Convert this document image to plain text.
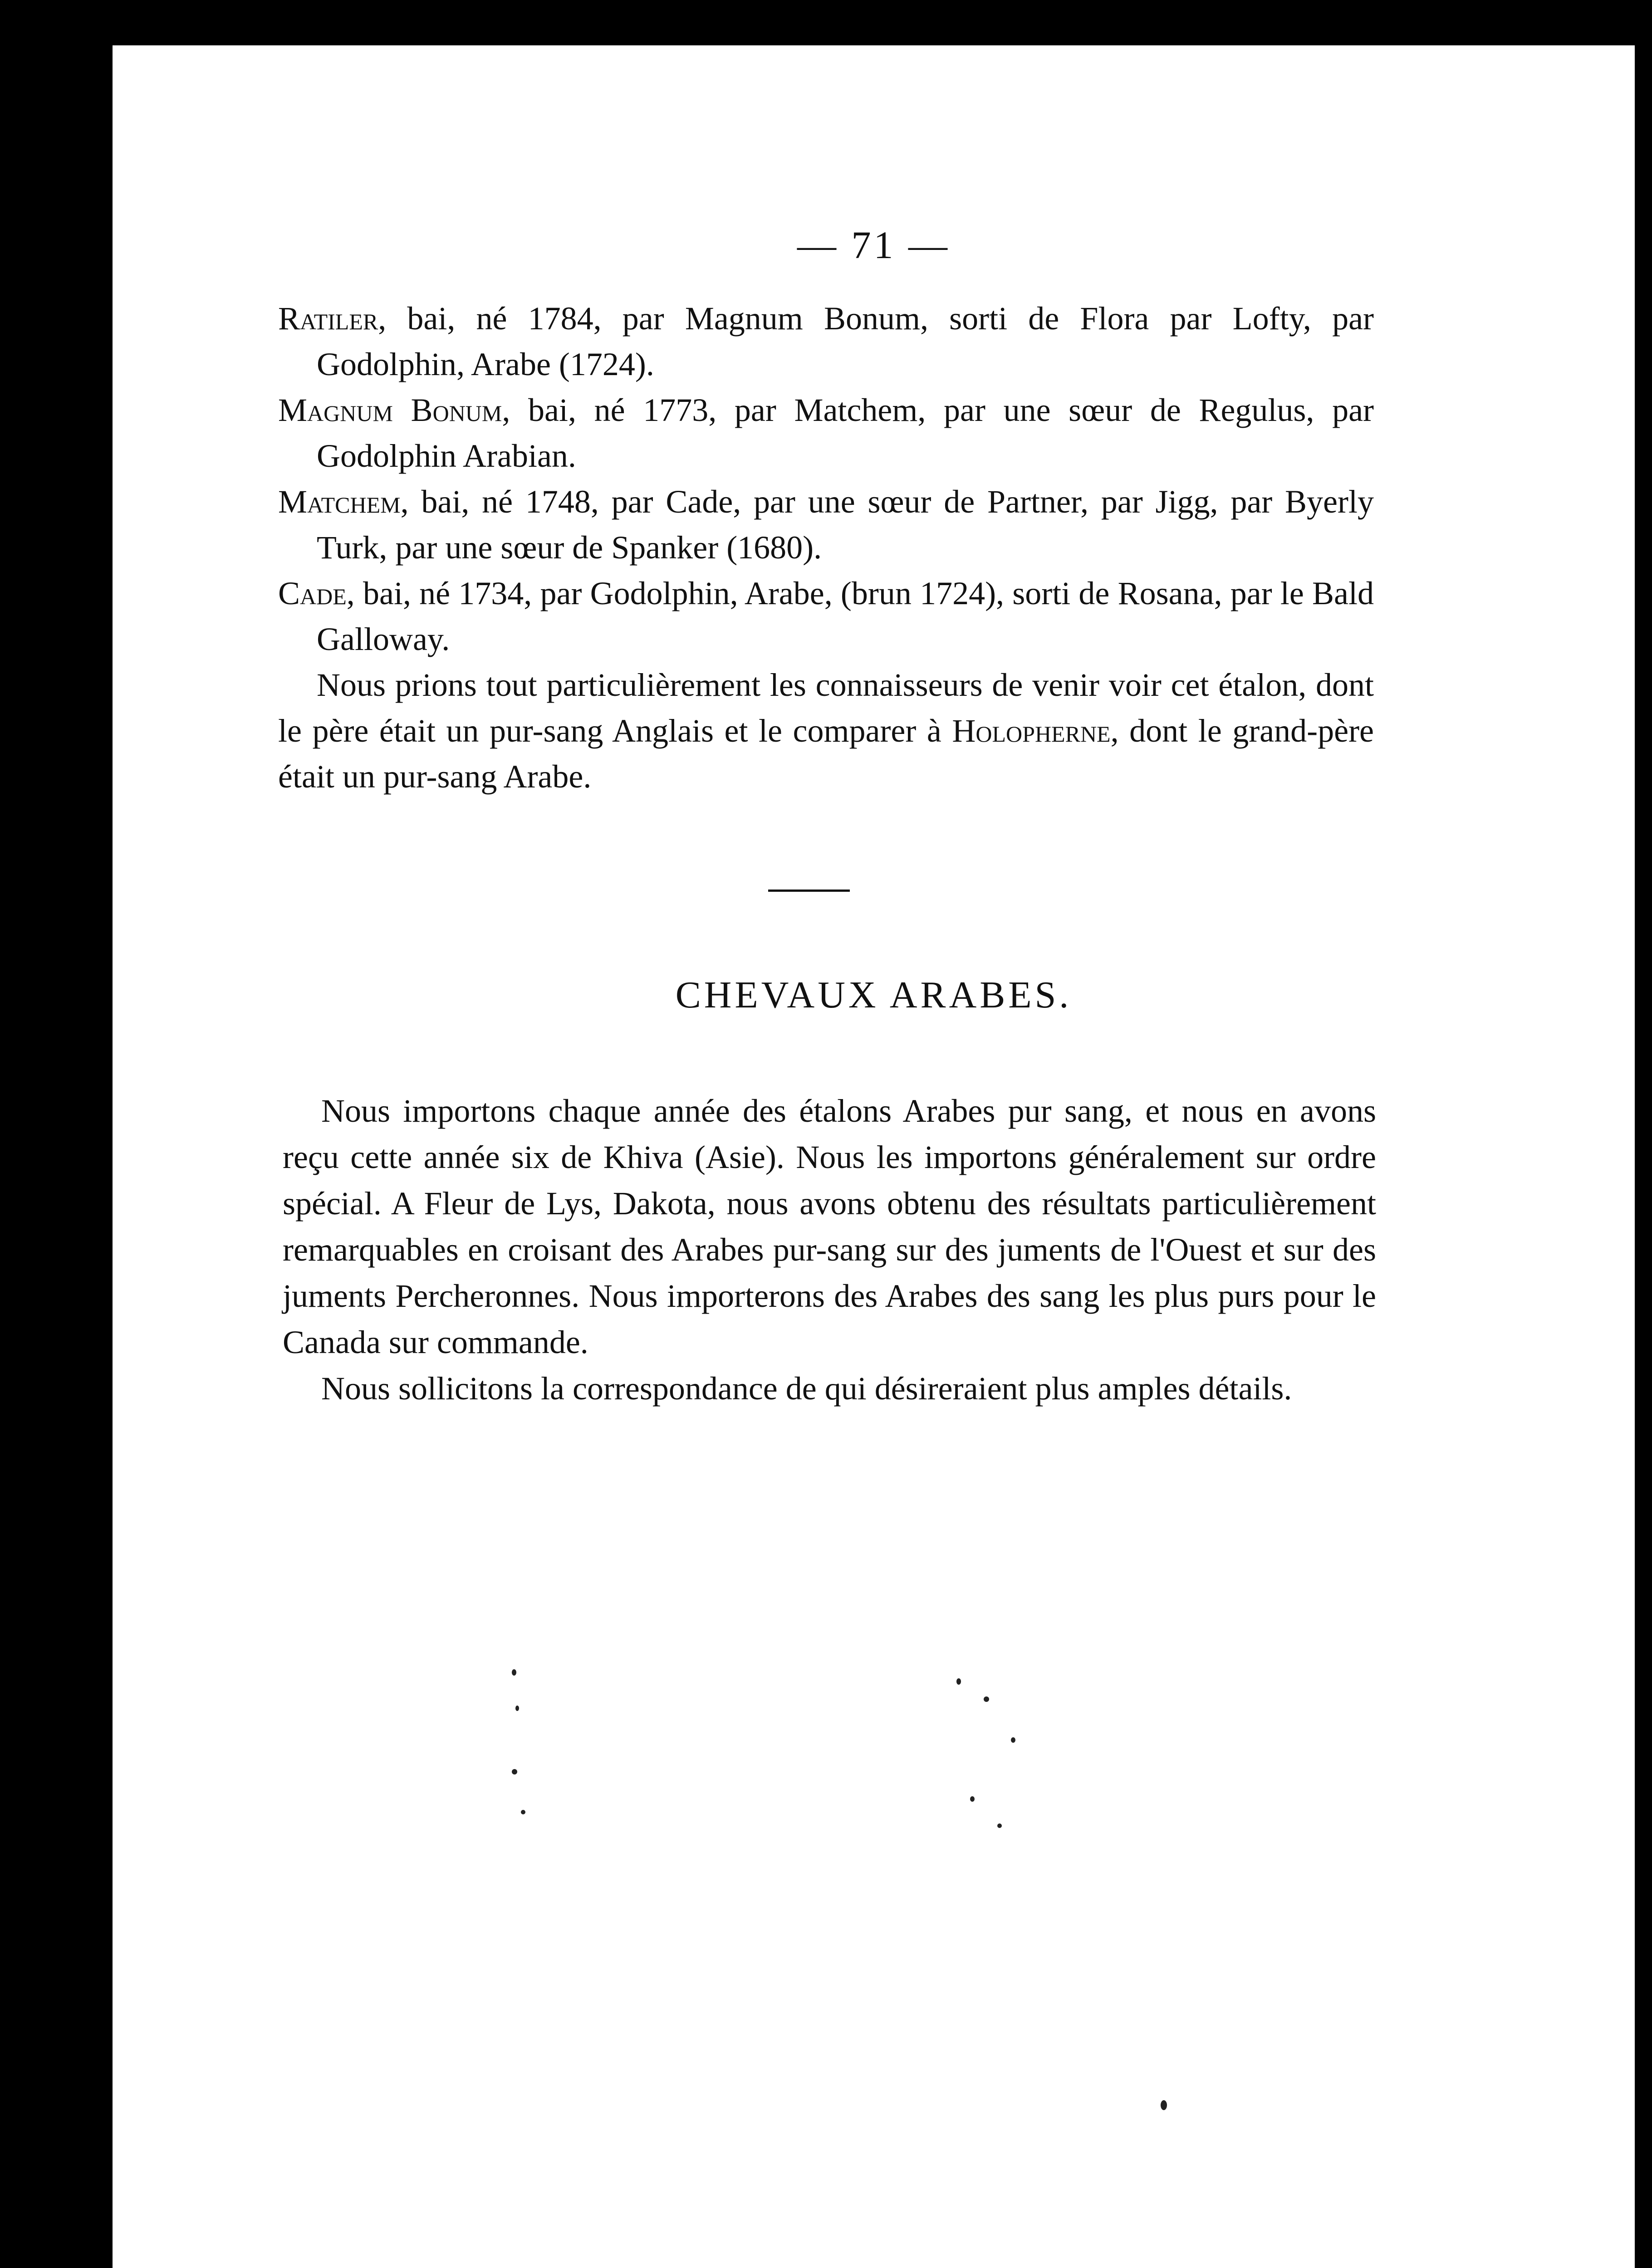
— 71 —

Ratiler, bai, né 1784, par Magnum Bonum, sorti de Flora par Lofty, par Godolphin, Arabe (1724).

Magnum Bonum, bai, né 1773, par Matchem, par une sœur de Regulus, par Godolphin Arabian.

Matchem, bai, né 1748, par Cade, par une sœur de Partner, par Jigg, par Byerly Turk, par une sœur de Spanker (1680).

Cade, bai, né 1734, par Godolphin, Arabe, (brun 1724), sorti de Rosana, par le Bald Galloway.

Nous prions tout particulièrement les connaisseurs de venir voir cet étalon, dont le père était un pur-sang Anglais et le comparer à Holopherne, dont le grand-père était un pur-sang Arabe.

CHEVAUX ARABES.

Nous importons chaque année des étalons Arabes pur sang, et nous en avons reçu cette année six de Khiva (Asie). Nous les importons généralement sur ordre spécial. A Fleur de Lys, Dakota, nous avons obtenu des résultats particulièrement remarquables en croisant des Arabes pur-sang sur des juments de l'Ouest et sur des juments Percheronnes. Nous importerons des Arabes des sang les plus purs pour le Canada sur commande.

Nous sollicitons la correspondance de qui désireraient plus amples détails.
